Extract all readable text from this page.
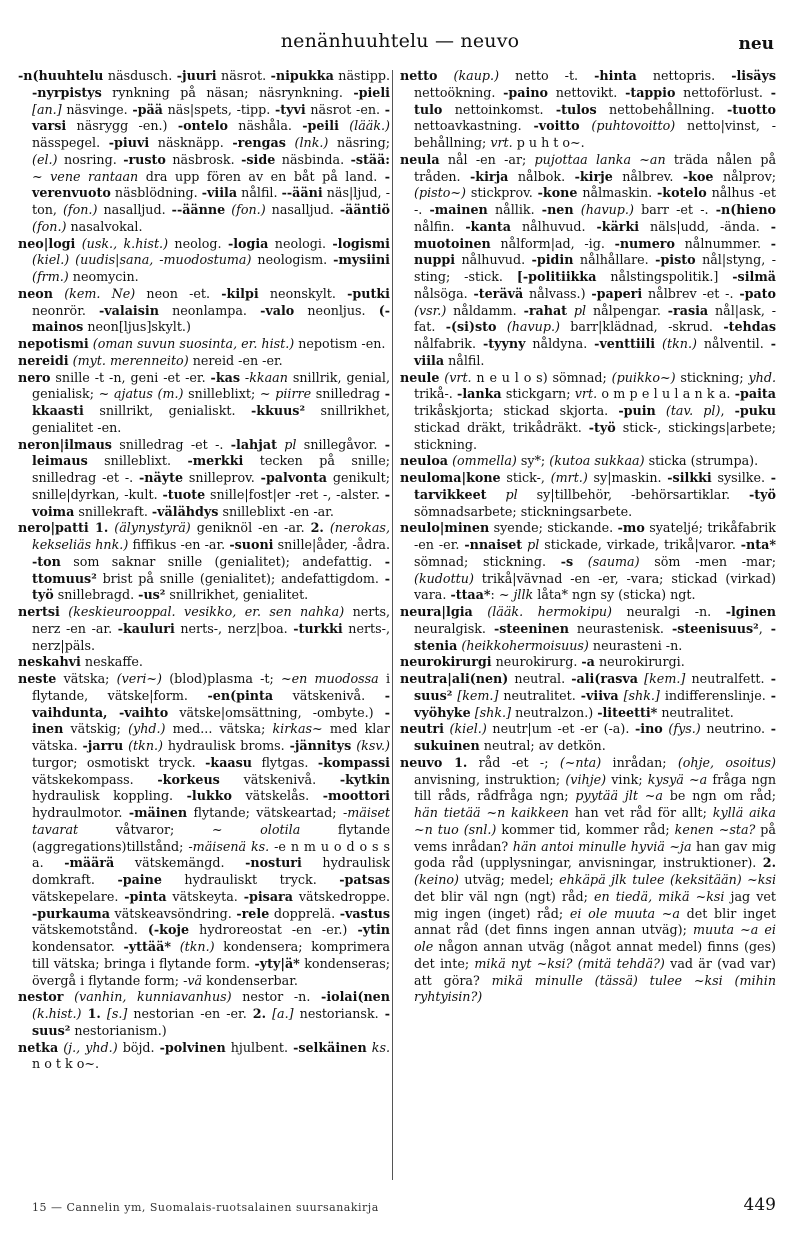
nenänhuuhtelu — neuvo	neu

-n(huuhtelu näsdusch. -juuri näsrot. -nipukka nästipp. -nyrpistys rynkning på näsan; näsrynkning. -pieli [an.] näsvinge. -pää näs|spets, -tipp. -tyvi näsrot -en. -varsi näsrygg -en.) -ontelo näshåla. -peili (lääk.) nässpegel. -piuvi näsknäpp. -rengas (lnk.) näsring; (el.) nosring. -rusto näsbrosk. -side näsbinda. -stää: ~ vene rantaan dra upp fören av en båt på land. -verenvuoto näsblödning. -viila nålfil. --ääni näs|ljud, -ton, (fon.) nasalljud. --äänne (fon.) nasalljud. -ääntiö (fon.) nasalvokal.

neo|logi (usk., k.hist.) neolog. -logia neologi. -logismi (kiel.) (uudis|sana, -muodostuma) neologism. -mysiini (frm.) neomycin.

neon (kem. Ne) neon -et. -kilpi neonskylt. -putki neonrör. -valaisin neonlampa. -valo neonljus. (-mainos neon[ljus]skylt.)

nepotismi (oman suvun suosinta, er. hist.) nepotism -en.

nereidi (myt. merenneito) nereid -en -er.

nero snille -t -n, geni -et -er. -kas -kkaan snillrik, genial, genialisk; ~ ajatus (m.) snilleblixt; ~ piirre snilledrag -kkaasti snillrikt, genialiskt. -kkuus² snillrikhet, genialitet -en.

neron|ilmaus snilledrag -et -. -lahjat pl snillegåvor. -leimaus snilleblixt. -merkki tecken på snille; snilledrag -et -. -näyte snilleprov. -palvonta geniku​lt; snille|dyrkan, -kult. -tuote snille|fost|er -ret -, -alster. -voima snillekraft. -välähdys snilleblixt -en -ar.

nero|patti 1. (älynystyrä) geniknöl -en -ar. 2. (nerokas, kekseliäs hnk.) fiffikus -en -ar. -suoni snille|åder, -ådra. -ton som saknar snille (genialitet); andefattig. -ttomuus² brist på snille (genialitet); andefattigdom. -työ snillebragd. -us² snillrikhet, genialitet.

nertsi (keskieurooppal. vesikko, er. sen nahka) nerts, nerz -en -ar. -kauluri nerts-, nerz|boa. -turkki nerts-, nerz|päls.

neskahvi neskaffe.

neste vätska; (veri~) (blod)plasma -t; ~en muodossa i flytande, vätske|form. -en(pinta vätskenivå. -vaihdunta, -vaihto vätske|omsättning, -ombyte.) -inen vätskig; (yhd.) med... vätska; kirkas~ med klar vätska. -jarru (tkn.) hydraulisk broms. -jännitys (ksv.) turgor; osmotiskt tryck. -kaasu flytgas. -kompassi vätskekompass. -korkeus vätskenivå. -kytkin hydraulisk koppling. -lukko vätskelås. -moottori hydraulmotor. -mäinen flytande; vätskeartad; -mäiset tavarat våtvaror; ~ olotila flytande (aggregations)tillstånd; -mäisenä ks. -e n m u o d o s s a. -määrä vätskemängd. -nosturi hydraulisk domkraft. -paine hydrauliskt tryck. -patsas vätskepelare. -pinta vätskeyta. -pisara vätskedroppe. -purkauma vätskeavsöndring. -rele dopprelä. -vastus vätskemotstånd. (-koje hydroreostat -en -er.) -ytin kondensator. -yttää* (tkn.) kondensera; komprimera till vätska; bringa i flytande form. -yty|ä* kondenseras; övergå i flytande form; -vä kondenserbar.

nestor (vanhin, kunniavanhus) nestor -n. -iolai(nen (k.hist.) 1. [s.] nestorian -en -er. 2. [a.] nestoriansk. -suus² nestorianism.)

netka (j., yhd.) böjd. -polvinen hjulbent. -selkäinen ks. n o t k o~.

netto (kaup.) netto -t. -hinta nettopris. -lisäys nettoökning. -paino nettovikt. -tappio nettoförlust. -tulo nettoinkomst. -tulos nettobehållning. -tuotto nettoavkastning. -voitto (puhtovoitto) netto|vinst, -behållning; vrt. p u h t o~.

neula nål -en -ar; pujottaa lanka ~an träda nålen på tråden. -kirja nålbok. -kirje nålbrev. -koe nålprov; (pisto~) stickprov. -kone nålmaskin. -kotelo nålhus -et -. -mainen nållik. -nen (havup.) barr -et -. -n(hieno nålfin. -kanta nålhuvud. -kärki näls|udd, -ända. -muotoinen nålform|ad, -ig. -numero nålnummer. -nuppi nålhuvud. -pidin nålhållare. -pisto nål|styng, -sting; -stick. [-politiikka nålstingspolitik.] -silmä nålsöga. -terävä nålvass.) -paperi nålbrev -et -. -pato (vsr.) nåldamm. -rahat pl nålpengar. -rasia nål|ask, -fat. -(si)sto (havup.) barr|klädnad, -skrud. -tehdas nålfabrik. -tyyny nåldyna. -venttiili (tkn.) nålventil. -viila nålfil.

neule (vrt. n e u l o s) sömnad; (puikko~) stickning; yhd. trikå-. -lanka stickgarn; vrt. o m p e l u l a n k a. -paita trikåskjorta; stickad skjorta. -puin (tav. pl), -puku stickad dräkt, trikådräkt. -työ stick-, stickings|arbete; stickning.

neuloa (ommella) sy*; (kutoa sukkaa) sticka (strumpa).

neuloma|kone stick-, (mrt.) sy|maskin. -silkki sysilke. -tarvikkeet pl sy|tillbehör, -behörsartiklar. -työ sömnadsarbete; stickningsarbete.

neulo|minen syende; stickande. -mo syatelјé; trikåfabrik -en -er. -nnaiset pl stickade, virkade, trikå|varor. -nta* sömnad; stickning. -s (sauma) söm -men -mar; (kudottu) trikå|vävnad -en -er, -vara; stickad (virkad) vara. -ttaa*: ~ jllk låta* ngn sy (sticka) ngt.

neura|lgia (lääk. hermokipu) neuralgi -n. -lginen neuralgisk. -steeninen neurastenisk. -steenisuus², -stenia (heikkohermoisuus) neurasteni -n.

neurokirurgi neurokirurg. -a neurokirurgi.

neutra|ali(nen) neutral. -ali(rasva [kem.] neutralfett. -suus² [kem.] neutralitet. -viiva [shk.] indifferenslinje. -vyöhyke [shk.] neutralzon.) -liteetti* neutralitet.

neutri (kiel.) neutr|um -et -er (-a). -ino (fys.) neutrino. -sukuinen neutral; av detkön.

neuvo 1. råd -et -; (~nta) inrådan; (ohje, osoitus) anvisning, instruktion; (vihje) vink; kysyä ~a fråga ngn till råds, rådfråga ngn; pyytää jlt ~a be ngn om råd; hän tietää ~n kaikkeen han vet råd för allt; kyllä aika ~n tuo (snl.) kommer tid, kommer råd; kenen ~sta? på vems inrådan? hän antoi minulle hyviä ~ja han gav mig goda råd (upplysningar, anvisningar, instruktioner). 2. (keino) utväg; medel; ehkäpä jlk tulee (keksitään) ~ksi det blir väl ngn (ngt) råd; en tiedä, mikä ~ksi jag vet mig ingen (inget) råd; ei ole muuta ~a det blir inget annat råd (det finns ingen annan utväg); muuta ~a ei ole någon annan utväg (något annat medel) finns (ges) det inte; mikä nyt ~ksi? (mitä tehdä?) vad är (vad var) att göra? mikä minulle (tässä) tulee ~ksi (mihin ryhtyisin?)

15 — Cannelin ym, Suomalais-ruotsalainen suursanakirja	449
